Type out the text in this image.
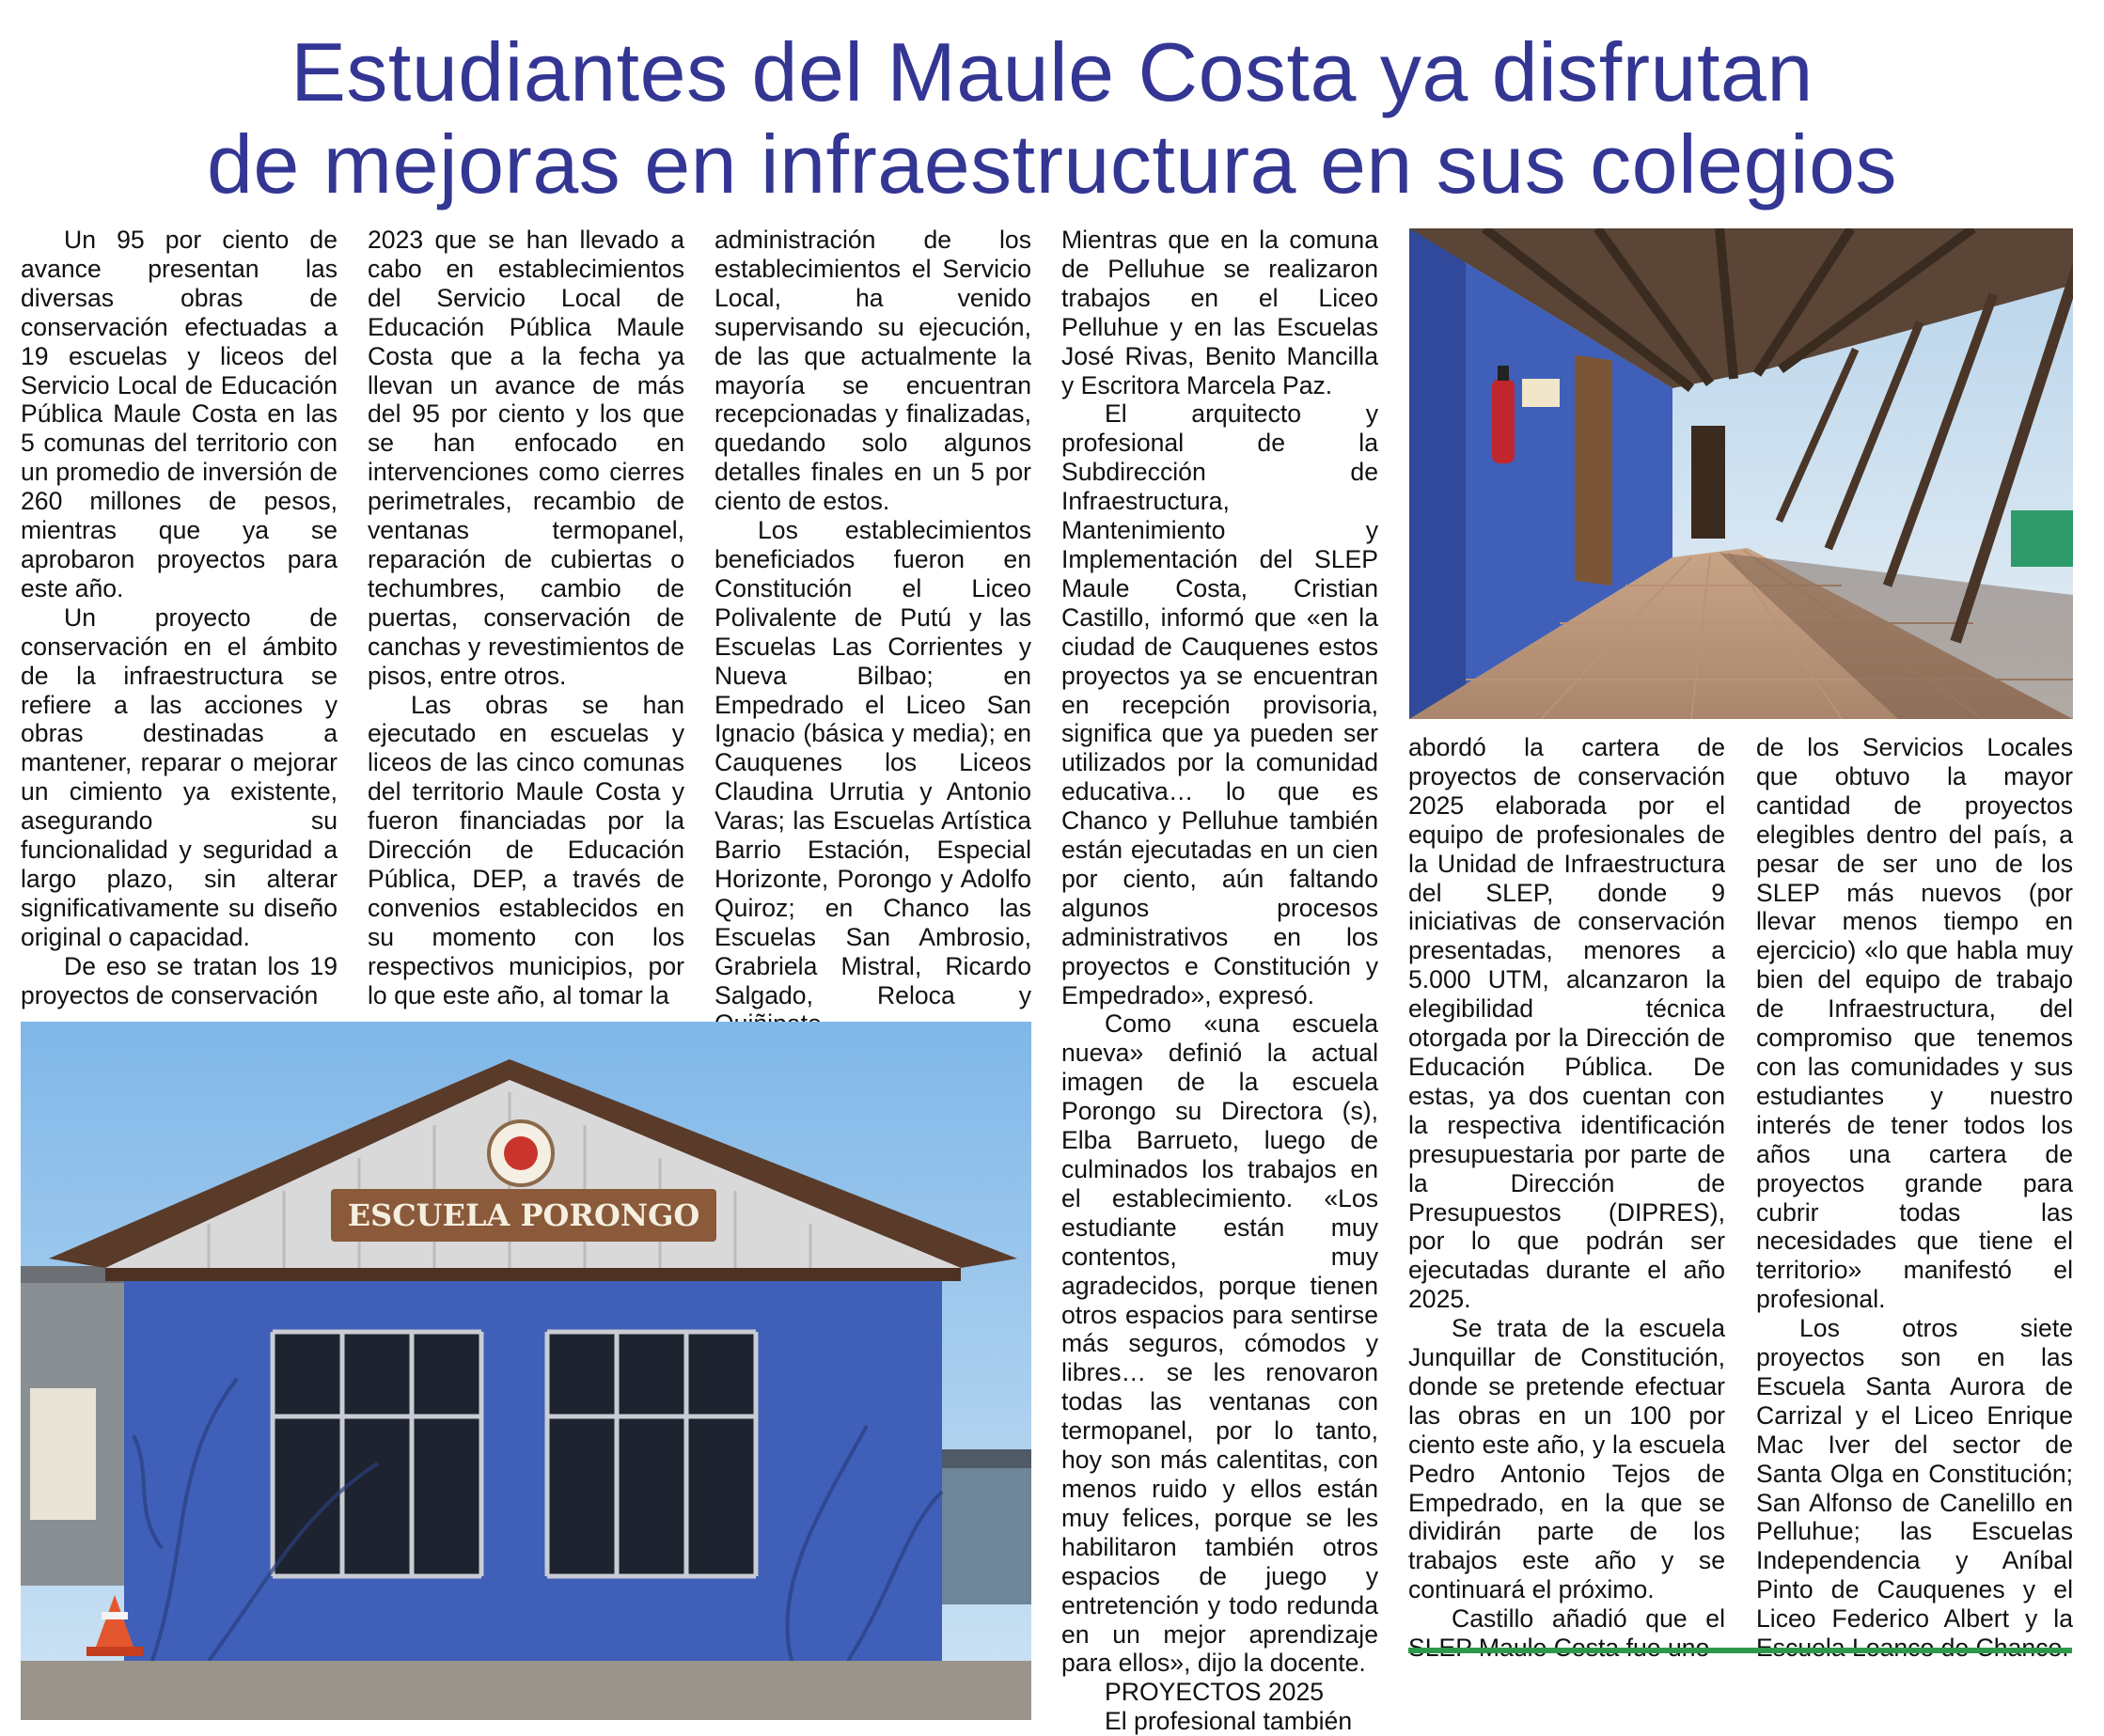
Estudiantes del Maule Costa ya disfrutan
de mejoras en infraestructura en sus colegios

Un 95 por ciento de avance presentan las diversas obras de conservación efectuadas a 19 escuelas y liceos del Servicio Local de Educación Pública Maule Costa en las 5 comunas del territorio con un promedio de inversión de 260 millones de pesos, mientras que ya se aprobaron proyectos para este año.

Un proyecto de conservación en el ámbito de la infraestructura se refiere a las acciones y obras destinadas a mantener, reparar o mejorar un cimiento ya existente, asegurando su funcionalidad y seguridad a largo plazo, sin alterar significativamente su diseño original o capacidad.

De eso se tratan los 19 proyectos de conservación

2023 que se han llevado a cabo en establecimientos del Servicio Local de Educación Pública Maule Costa que a la fecha ya llevan un avance de más del 95 por ciento y los que se han enfocado en intervenciones como cierres perimetrales, recambio de ventanas termopanel, reparación de cubiertas o techumbres, cambio de puertas, conservación de canchas y revestimientos de pisos, entre otros.

Las obras se han ejecutado en escuelas y liceos de las cinco comunas del territorio Maule Costa y fueron financiadas por la Dirección de Educación Pública, DEP, a través de convenios establecidos en su momento con los respectivos municipios, por lo que este año, al tomar la

administración de los establecimientos el Servicio Local, ha venido supervisando su ejecución, de las que actualmente la mayoría se encuentran recepcionadas y finalizadas, quedando solo algunos detalles finales en un 5 por ciento de estos.

Los establecimientos beneficiados fueron en Constitución el Liceo Polivalente de Putú y las Escuelas Las Corrientes y Nueva Bilbao; en Empedrado el Liceo San Ignacio (básica y media); en Cauquenes los Liceos Claudina Urrutia y Antonio Varas; las Escuelas Artística Barrio Estación, Especial Horizonte, Porongo y Adolfo Quiroz; en Chanco las Escuelas San Ambrosio, Grabriela Mistral, Ricardo Salgado, Reloca y

Mientras que en la comuna de Pelluhue se realizaron trabajos en el Liceo Pelluhue y en las Escuelas José Rivas, Benito Mancilla y Escritora Marcela Paz.

El arquitecto y profesional de la Subdirección de Infraestructura, Mantenimiento y Implementación del SLEP Maule Costa, Cristian Castillo, informó que «en la ciudad de Cauquenes estos proyectos ya se encuentran en recepción provisoria, significa que ya pueden ser utilizados por la comunidad educativa… lo que es Chanco y Pelluhue también están ejecutadas en un cien por ciento, aún faltando algunos procesos administrativos en los proyectos e Constitución y Empedrado», expresó.

Como «una escuela nueva» definió la actual imagen de la escuela Porongo su Directora (s), Elba Barrueto, luego de culminados los trabajos en el establecimiento. «Los estudiante están muy contentos, muy agradecidos, porque tienen otros espacios para sentirse más seguros, cómodos y libres… se les renovaron todas las ventanas con termopanel, por lo tanto, hoy son más calentitas, con menos ruido y ellos están muy felices, porque se les habilitaron también otros espacios de juego y entretención y todo redunda en un mejor aprendizaje para ellos», dijo la docente.

PROYECTOS 2025

El profesional también

abordó la cartera de proyectos de conservación 2025 elaborada por el equipo de profesionales de la Unidad de Infraestructura del SLEP, donde 9 iniciativas de conservación presentadas, menores a 5.000 UTM, alcanzaron la elegibilidad técnica otorgada por la Dirección de Educación Pública. De estas, ya dos cuentan con la respectiva identificación presupuestaria por parte de la Dirección de Presupuestos (DIPRES), por lo que podrán ser ejecutadas durante el año 2025.

Se trata de la escuela Junquillar de Constitución, donde se pretende efectuar las obras en un 100 por ciento este año, y la escuela Pedro Antonio Tejos de Empedrado, en la que se dividirán parte de los trabajos este año y se continuará el próximo.

Castillo añadió que el

de los Servicios Locales que obtuvo la mayor cantidad de proyectos elegibles dentro del país, a pesar de ser uno de los SLEP más nuevos (por llevar menos tiempo en ejercicio) «lo que habla muy bien del equipo de trabajo de Infraestructura, del compromiso que tenemos con las comunidades y sus estudiantes y nuestro interés de tener todos los años una cartera de proyectos grande para cubrir todas las necesidades que tiene el territorio» manifestó el profesional.

Los otros siete proyectos son en las Escuela Santa Aurora de Carrizal y el Liceo Enrique Mac Iver del sector de Santa Olga en Constitución; San Alfonso de Canelillo en Pelluhue; las Escuelas Independencia y Aníbal Pinto de Cauquenes y el Liceo Federico Albert y la

ESCUELA PORONGO
